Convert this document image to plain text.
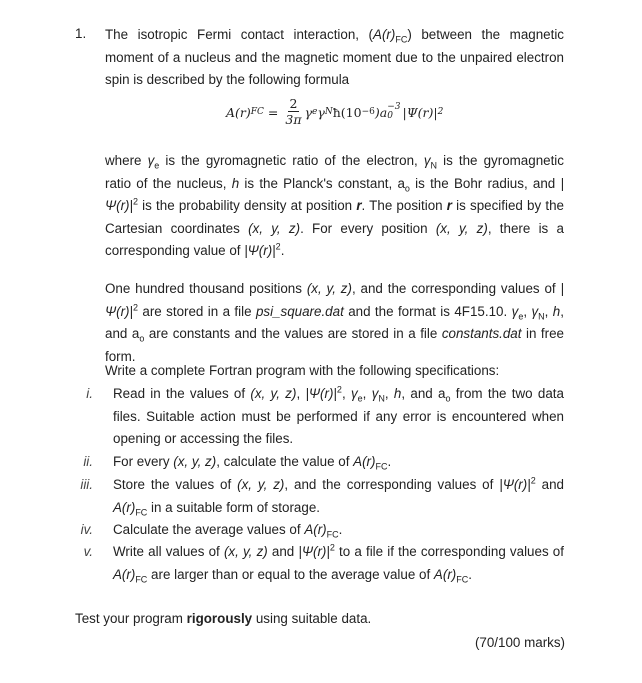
1. The isotropic Fermi contact interaction, $(A(r)_{FC})$ between the magnetic moment of a nucleus and the magnetic moment due to the unpaired electron spin is described by the following formula
A(r) FC = $\frac{2}{3\pi}$ γ e γ N ħ(10 −6 )a −3
0 |Ψ(r)| 2
where $\gamma_e$ is the gyromagnetic ratio of the electron, $\gamma_N$ is the gyromagnetic ratio of the nucleus, h is the Planck's constant, $a_o$ is the Bohr radius, and $|\Psi(r)|^2$ is the probability density at position r. The position r is specified by the Cartesian coordinates (x, y, z). For every position (x, y, z), there is a corresponding value of $|\Psi(r)|^2$.
One hundred thousand positions (x, y, z), and the corresponding values of $|\Psi(r)|^2$ are stored in a file psi_square.dat and the format is 4F15.10. $\gamma_e$, $\gamma_N$, h, and $a_o$ are constants and the values are stored in a file constants.dat in free form.
Write a complete Fortran program with the following specifications:
i. Read in the values of (x, y, z), $|\Psi(r)|^2$, $\gamma_e$, $\gamma_N$, h, and $a_o$ from the two data files. Suitable action must be performed if any error is encountered when opening or accessing the files.
ii. For every (x, y, z), calculate the value of $A(r)_{FC}$.
iii. Store the values of (x, y, z), and the corresponding values of $|\Psi(r)|^2$ and $A(r)_{FC}$ in a suitable form of storage.
iv. Calculate the average values of $A(r)_{FC}$.
v. Write all values of (x, y, z) and $|\Psi(r)|^2$ to a file if the corresponding values of $A(r)_{FC}$ are larger than or equal to the average value of $A(r)_{FC}$.
Test your program rigorously using suitable data.
(70/100 marks)
